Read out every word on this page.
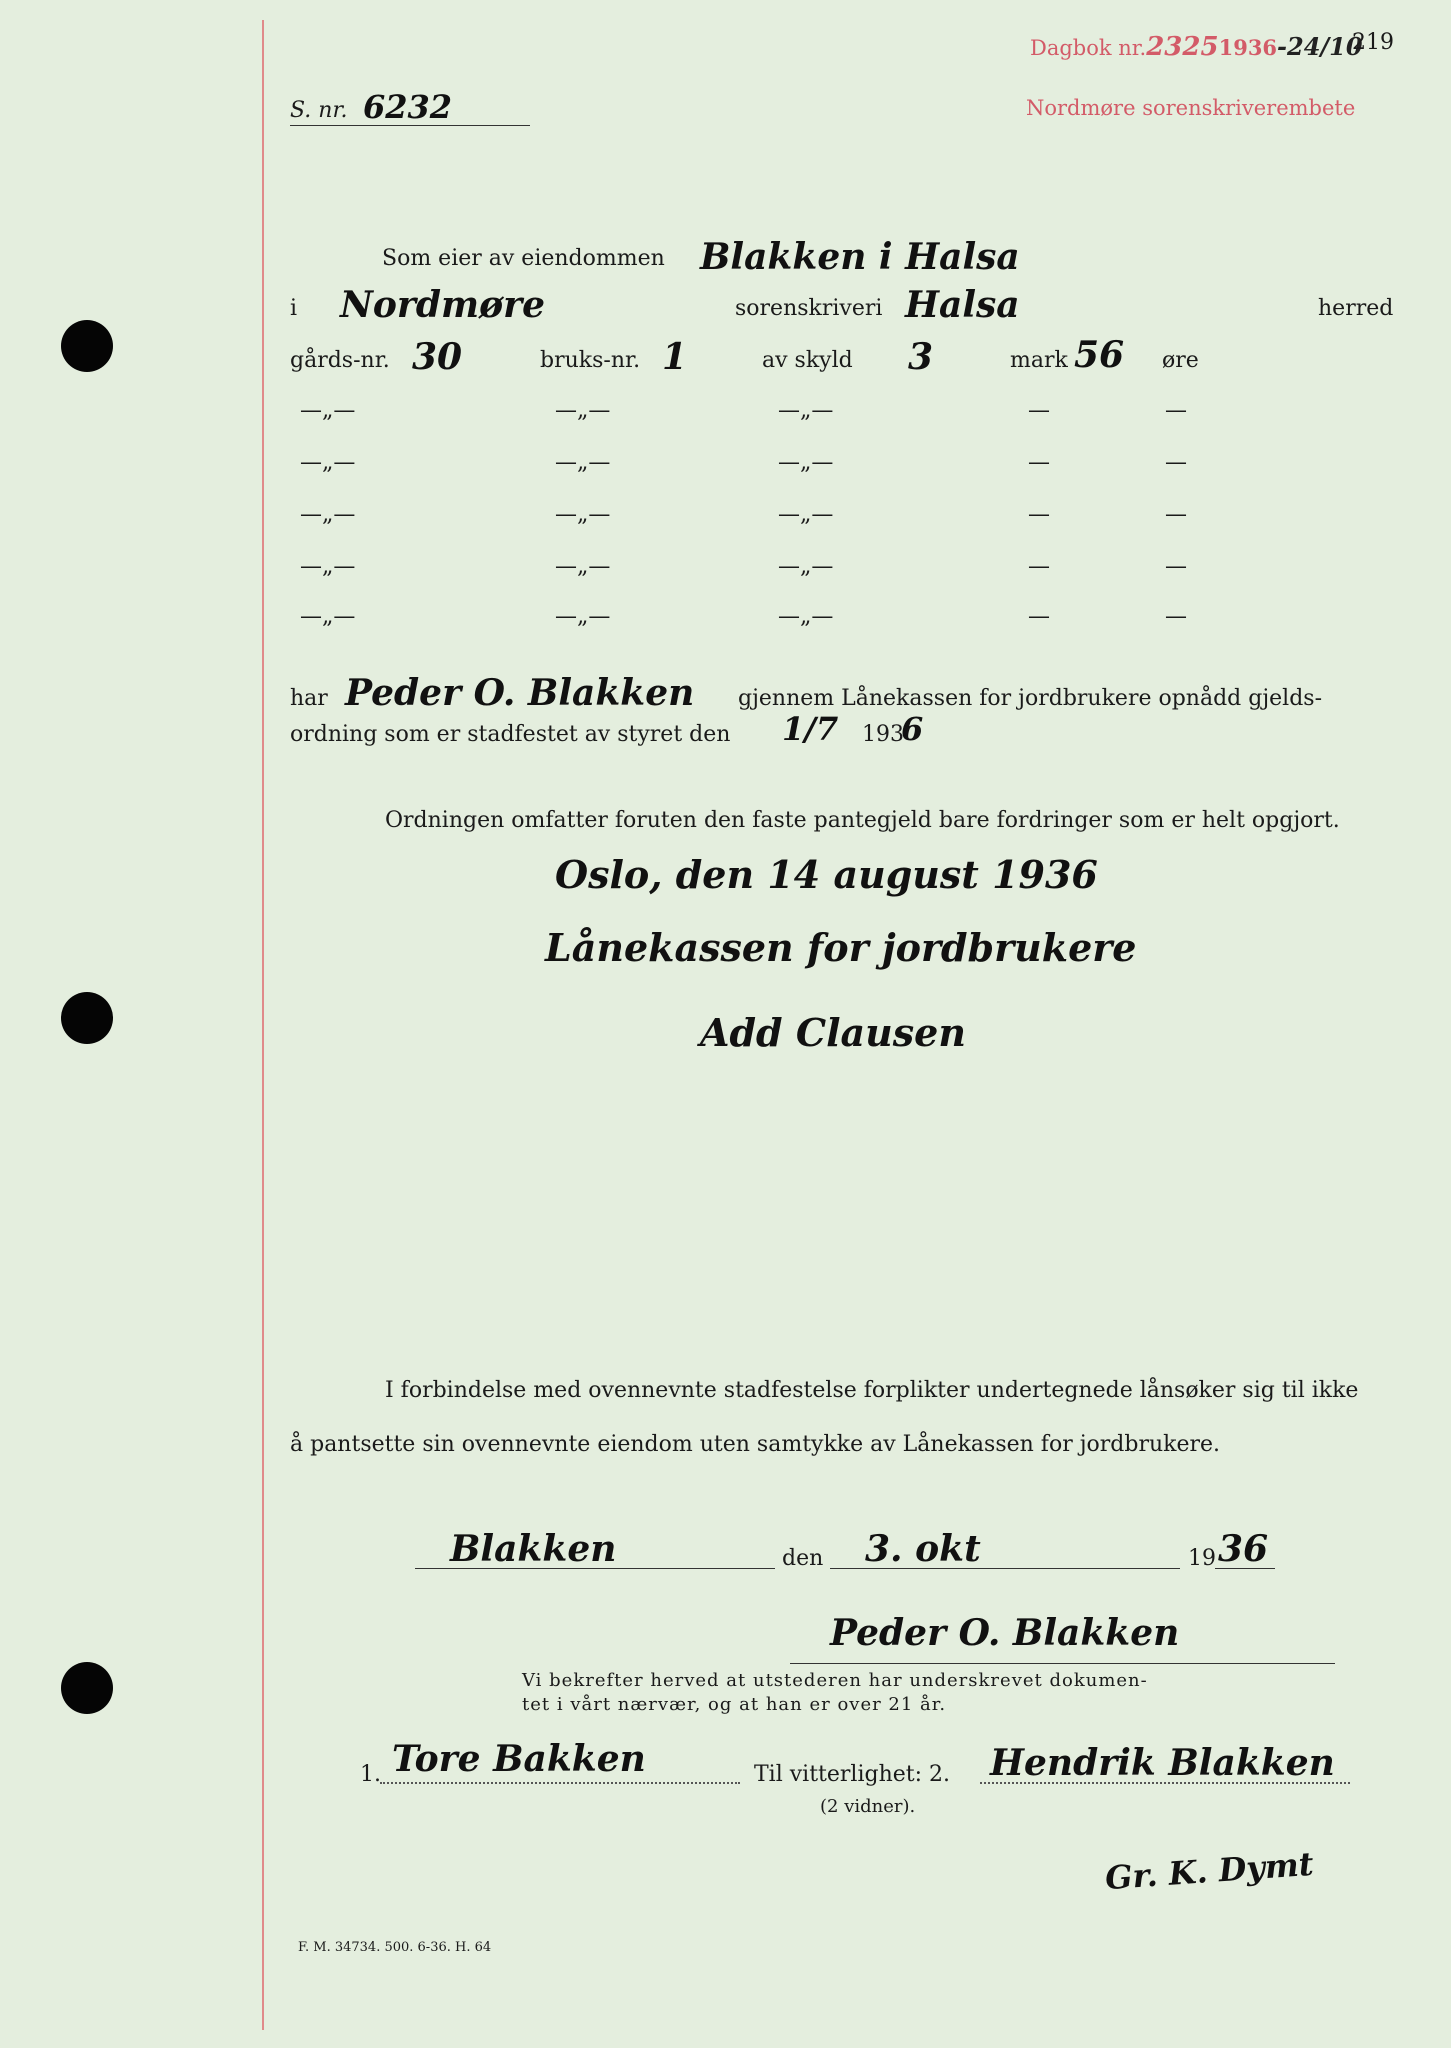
S. nr. 6232
Dagbok nr.23251936-24/10
Nordmøre sorenskriverembete
219
Som eier av eiendommen Blakken i Halsa
i Nordmøre	sorenskriveri Halsa	herred
gårds-nr. 30	bruks-nr. 1	av skyld 3	mark 56 øre
—„—	—„—	—„—	—	—
—„—	—„—	—„—	—	—
—„—	—„—	—„—	—	—
—„—	—„—	—„—	—	—
—„—	—„—	—„—	—	—
har Peder O. Blakken gjennem Lånekassen for jordbrukere opnådd gjelds-
ordning som er stadfestet av styret den 1/7 193
6
Ordningen omfatter foruten den faste pantegjeld bare fordringer som er helt opgjort.
Oslo, den 14 august 1936
Lånekassen for jordbrukere
Add Clausen
I forbindelse med ovennevnte stadfestelse forplikter undertegnede lånsøker sig til ikke
å pantsette sin ovennevnte eiendom uten samtykke av Lånekassen for jordbrukere.
Blakken	den 3. okt	19 36
Peder O. Blakken
Vi bekrefter herved at utstederen har underskrevet dokumen-
tet i vårt nærvær, og at han er over 21 år.
1. Tore Bakken	Til vitterlighet: 2. Hendrik Blakken
(2 vidner).
Gr. K. Dymt
F. M. 34734. 500. 6-36. H. 64
